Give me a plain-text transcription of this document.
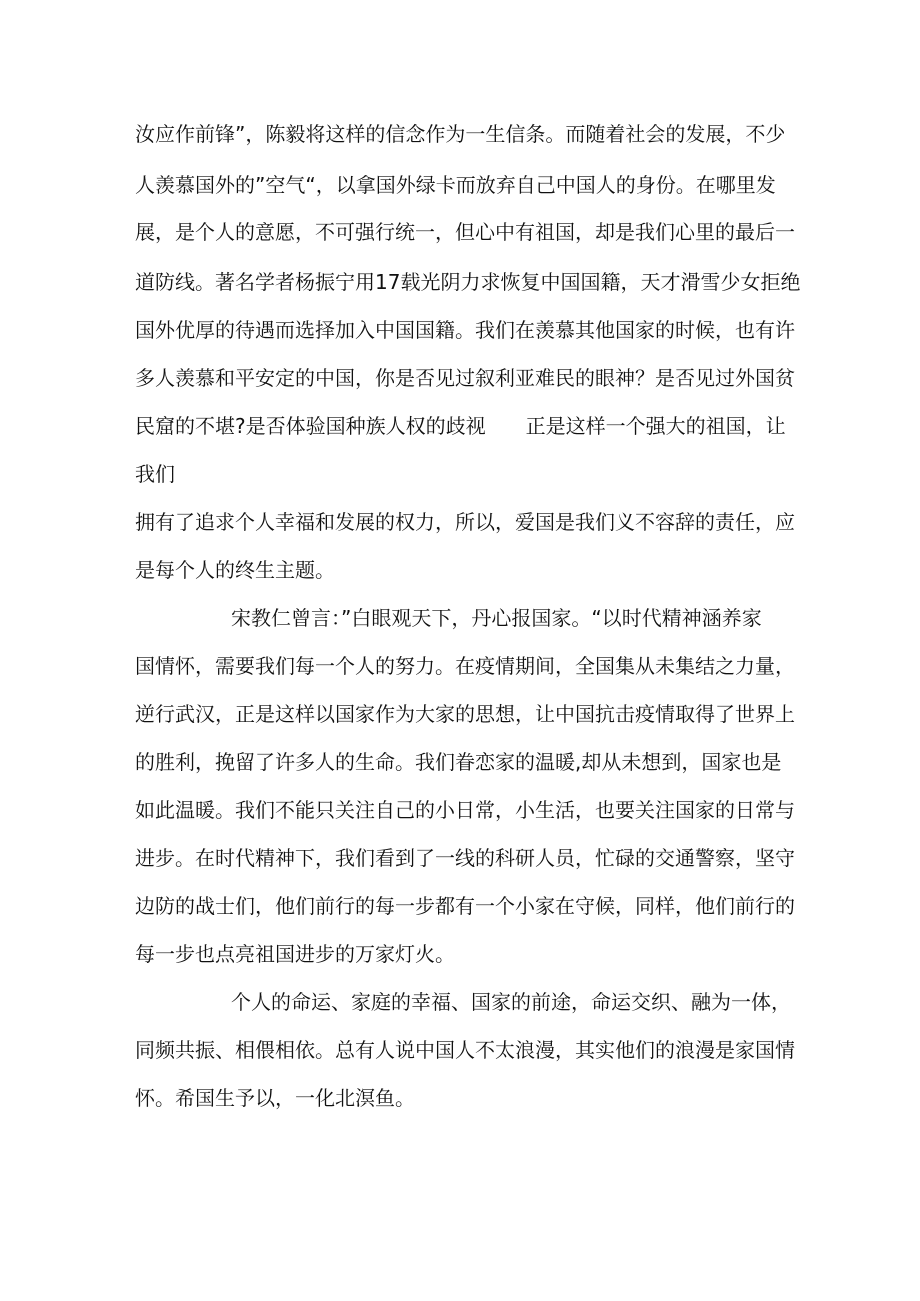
汝应作前锋”，陈毅将这样的信念作为一生信条。而随着社会的发展，不少

人羡慕国外的”空气“，以拿国外绿卡而放弃自己中国人的身份。在哪里发

展，是个人的意愿，不可强行统一，但心中有祖国，却是我们心里的最后一

道防线。著名学者杨振宁用17载光阴力求恢复中国国籍，天才滑雪少女拒绝

国外优厚的待遇而选择加入中国国籍。我们在羡慕其他国家的时候，也有许

多人羡慕和平安定的中国，你是否见过叙利亚难民的眼神？是否见过外国贫

民窟的不堪?是否体验国种族人权的歧视　　正是这样一个强大的祖国，让

我们

拥有了追求个人幸福和发展的权力，所以，爱国是我们义不容辞的责任，应

是每个人的终生主题。

宋教仁曾言：”白眼观天下，丹心报国家。“以时代精神涵养家

国情怀，需要我们每一个人的努力。在疫情期间，全国集从未集结之力量，

逆行武汉，正是这样以国家作为大家的思想，让中国抗击疫情取得了世界上

的胜利，挽留了许多人的生命。我们眷恋家的温暖,却从未想到，国家也是

如此温暖。我们不能只关注自己的小日常，小生活，也要关注国家的日常与

进步。在时代精神下，我们看到了一线的科研人员，忙碌的交通警察，坚守

边防的战士们，他们前行的每一步都有一个小家在守候，同样，他们前行的

每一步也点亮祖国进步的万家灯火。

个人的命运、家庭的幸福、国家的前途，命运交织、融为一体，

同频共振、相偎相依。总有人说中国人不太浪漫，其实他们的浪漫是家国情

怀。希国生予以，一化北溟鱼。
